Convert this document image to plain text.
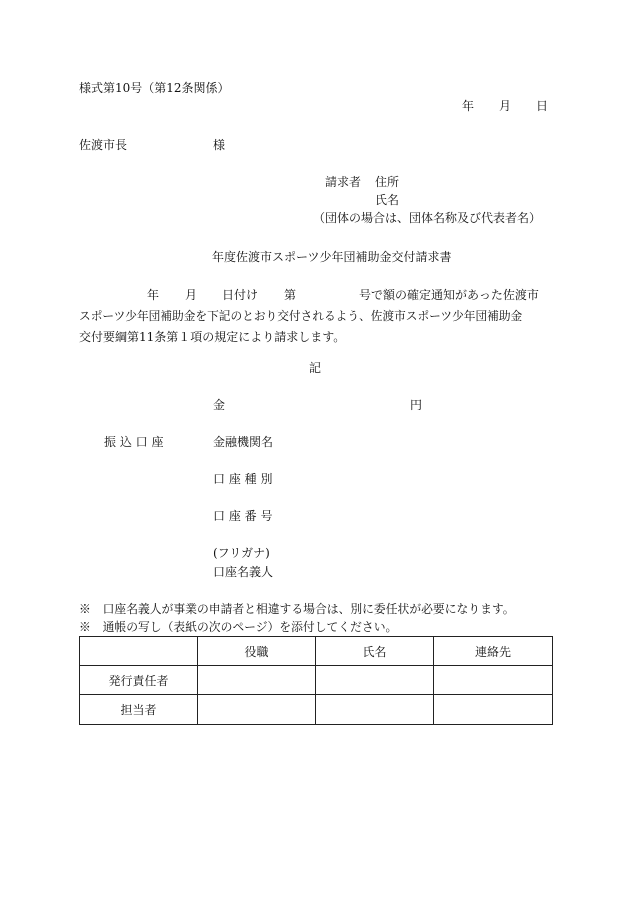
様式第10号（第12条関係）
年 月 日
佐渡市長	様
請求者 住所
氏名
（団体の場合は、団体名称及び代表者名）
年度佐渡市スポーツ少年団補助金交付請求書
年 月 日付け 第	号で額の確定通知があった佐渡市
スポーツ少年団補助金を下記のとおり交付されるよう、佐渡市スポーツ少年団補助金
交付要綱第11条第１項の規定により請求します。
記
金	円
振 込 口 座	金融機関名
口 座 種 別
口 座 番 号
(フリガナ)
口座名義人
※　口座名義人が事業の申請者と相違する場合は、別に委任状が必要になります。
※　通帳の写し（表紙の次のページ）を添付してください。
	役職	氏名	連絡先
発行責任者			
担当者			
